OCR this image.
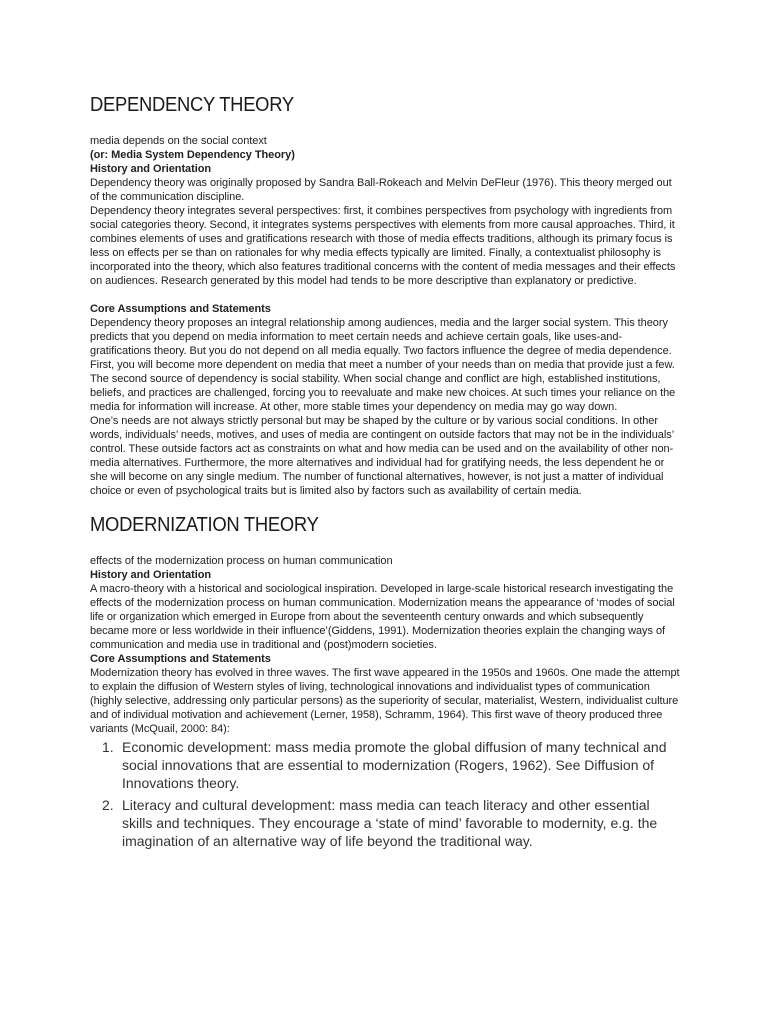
DEPENDENCY THEORY

media depends on the social context

(or: Media System Dependency Theory)

History and Orientation

Dependency theory was originally proposed by Sandra Ball-Rokeach and Melvin DeFleur (1976). This theory merged out of the communication discipline.

Dependency theory integrates several perspectives: first, it combines perspectives from psychology with ingredients from social categories theory. Second, it integrates systems perspectives with elements from more causal approaches. Third, it combines elements of uses and gratifications research with those of media effects traditions, although its primary focus is less on effects per se than on rationales for why media effects typically are limited. Finally, a contextualist philosophy is incorporated into the theory, which also features traditional concerns with the content of media messages and their effects on audiences. Research generated by this model had tends to be more descriptive than explanatory or predictive.

Core Assumptions and Statements

Dependency theory proposes an integral relationship among audiences, media and the larger social system. This theory predicts that you depend on media information to meet certain needs and achieve certain goals, like uses-and-gratifications theory. But you do not depend on all media equally. Two factors influence the degree of media dependence. First, you will become more dependent on media that meet a number of your needs than on media that provide just a few. The second source of dependency is social stability. When social change and conflict are high, established institutions, beliefs, and practices are challenged, forcing you to reevaluate and make new choices. At such times your reliance on the media for information will increase. At other, more stable times your dependency on media may go way down.

One’s needs are not always strictly personal but may be shaped by the culture or by various social conditions. In other words, individuals’ needs, motives, and uses of media are contingent on outside factors that may not be in the individuals’ control. These outside factors act as constraints on what and how media can be used and on the availability of other non-media alternatives. Furthermore, the more alternatives and individual had for gratifying needs, the less dependent he or she will become on any single medium. The number of functional alternatives, however, is not just a matter of individual choice or even of psychological traits but is limited also by factors such as availability of certain media.

MODERNIZATION THEORY

effects of the modernization process on human communication

History and Orientation

A macro-theory with a historical and sociological inspiration. Developed in large-scale historical research investigating the effects of the modernization process on human communication. Modernization means the appearance of ‘modes of social life or organization which emerged in Europe from about the seventeenth century onwards and which subsequently became more or less worldwide in their influence’(Giddens, 1991). Modernization theories explain the changing ways of communication and media use in traditional and (post)modern societies.

Core Assumptions and Statements

Modernization theory has evolved in three waves. The first wave appeared in the 1950s and 1960s. One made the attempt to explain the diffusion of Western styles of living, technological innovations and individualist types of communication (highly selective, addressing only particular persons) as the superiority of secular, materialist, Western, individualist culture and of individual motivation and achievement (Lerner, 1958), Schramm, 1964). This first wave of theory produced three variants (McQuail, 2000: 84):

1. Economic development: mass media promote the global diffusion of many technical and social innovations that are essential to modernization (Rogers, 1962). See Diffusion of Innovations theory.
2. Literacy and cultural development: mass media can teach literacy and other essential skills and techniques. They encourage a ‘state of mind’ favorable to modernity, e.g. the imagination of an alternative way of life beyond the traditional way.
